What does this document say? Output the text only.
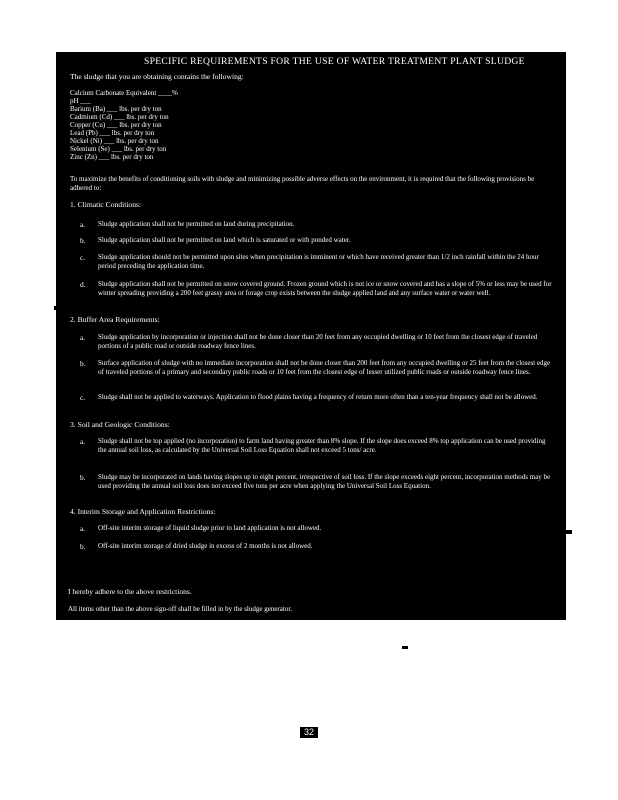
SPECIFIC REQUIREMENTS FOR THE USE OF WATER TREATMENT PLANT SLUDGE
The sludge that you are obtaining contains the following:
Calcium Carbonate Equivalent ____%
pH ___
Barium (Ba) ___ lbs. per dry ton
Cadmium (Cd) ___ lbs. per dry ton
Copper (Cu) ___ lbs. per dry ton
Lead (Pb) ___ lbs. per dry ton
Nickel (Ni) ___ lbs. per dry ton
Selenium (Se) ___ lbs. per dry ton
Zinc (Zn) ___ lbs. per dry ton
To maximize the benefits of conditioning soils with sludge and minimizing possible adverse effects on the environment, it is required that the following provisions be adhered to:
1. Climatic Conditions:
a. Sludge application shall not be permitted on land during precipitation.
b. Sludge application shall not be permitted on land which is saturated or with ponded water.
c. Sludge application should not be permitted upon sites when precipitation is imminent or which have received greater than 1/2 inch rainfall within the 24 hour period preceding the application time.
d. Sludge application shall not be permitted on snow covered ground. Frozen ground which is not ice or snow covered and has a slope of 5% or less may be used for winter spreading providing a 200 feet grassy area or forage crop exists between the sludge applied land and any surface water or water well.
2. Buffer Area Requirements:
a. Sludge application by incorporation or injection shall not be done closer than 20 feet from any occupied dwelling or 10 feet from the closest edge of traveled portions of a public road or outside roadway fence lines.
b. Surface application of sludge with no immediate incorporation shall not be done closer than 200 feet from any occupied dwelling or 25 feet from the closest edge of traveled portions of a primary and secondary public roads or 10 feet from the closest edge of lesser utilized public roads or outside roadway fence lines.
c. Sludge shall not be applied to waterways. Application to flood plains having a frequency of return more often than a ten-year frequency shall not be allowed.
3. Soil and Geologic Conditions:
a. Sludge shall not be top applied (no incorporation) to farm land having greater than 8% slope. If the slope does exceed 8% top application can be used providing the annual soil loss, as calculated by the Universal Soil Loss Equation shall not exceed 5 tons/ acre.
b. Sludge may be incorporated on lands having slopes up to eight percent, irrespective of soil loss. If the slope exceeds eight percent, incorporation methods may be used providing the annual soil loss does not exceed five tons per acre when applying the Universal Soil Loss Equation.
4. Interim Storage and Application Restrictions:
a. Off-site interim storage of liquid sludge prior to land application is not allowed.
b. Off-site interim storage of dried sludge in excess of 2 months is not allowed.
I hereby adhere to the above restrictions.
All items other than the above sign-off shall be filled in by the sludge generator.
32
